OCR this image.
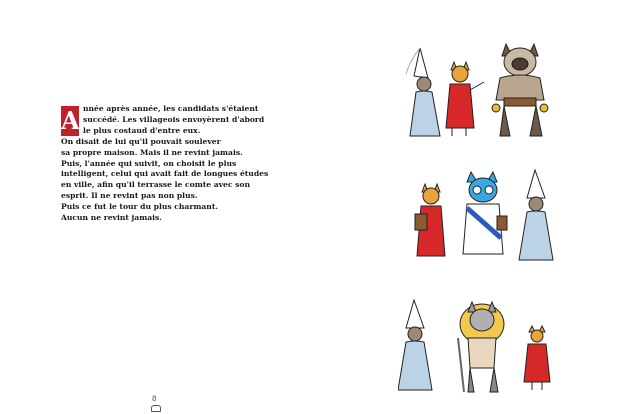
A nnée après année, les candidats s'étaient
succédé. Les villageois envoyèrent d'abord
le plus costaud d'entre eux.
On disait de lui qu'il pouvait soulever
sa propre maison. Mais il ne revint jamais.
Puis, l'année qui suivit, on choisit le plus
intelligent, celui qui avait fait de longues études
en ville, afin qu'il terrasse le comte avec son
esprit. Il ne revint pas non plus.
Puis ce fut le tour du plus charmant.
Aucun ne revint jamais.
8
